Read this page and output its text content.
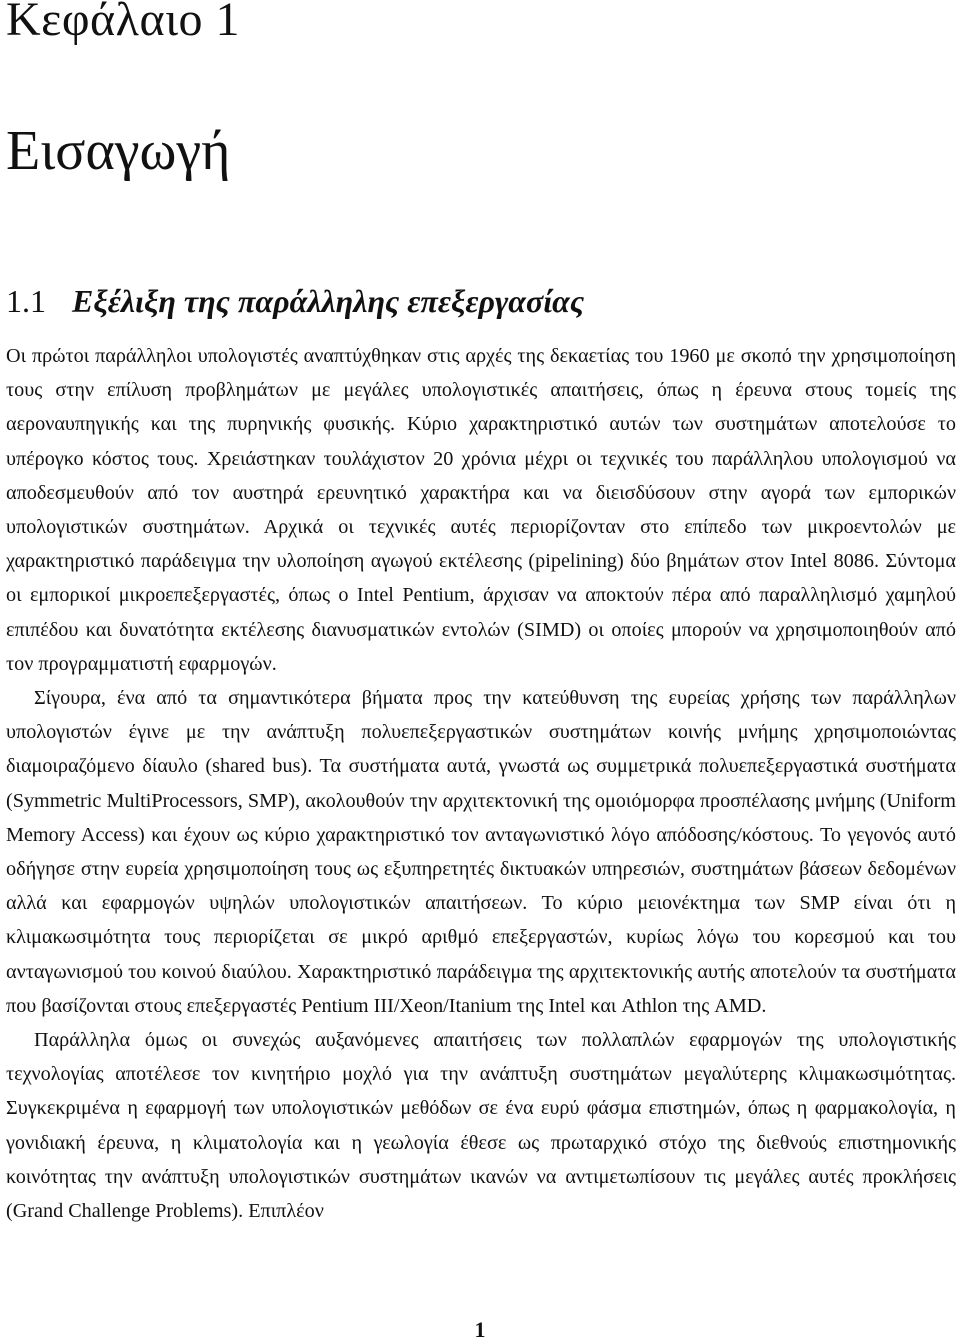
Κεφάλαιο 1
Εισαγωγή
1.1 Εξέλιξη της παράλληλης επεξεργασίας

Οι πρώτοι παράλληλοι υπολογιστές αναπτύχθηκαν στις αρχές της δεκαετίας του 1960 με σκοπό την χρησιμοποίηση τους στην επίλυση προβλημάτων με μεγάλες υπολογιστικές απαιτήσεις, όπως η έρευνα στους τομείς της αεροναυπηγικής και της πυρηνικής φυσικής. Κύριο χαρακτηριστικό αυτών των συστημάτων αποτελούσε το υπέρογκο κόστος τους. Χρειάστηκαν τουλάχιστον 20 χρόνια μέχρι οι τεχνικές του παράλληλου υπολογισμού να αποδεσμευθούν από τον αυστηρά ερευνητικό χαρακτήρα και να διεισδύσουν στην αγορά των εμπορικών υπολογιστικών συστημάτων. Αρχικά οι τεχνικές αυτές περιορίζονταν στο επίπεδο των μικροεντολών με χαρακτηριστικό παράδειγμα την υλοποίηση αγωγού εκτέλεσης (pipelining) δύο βημάτων στον Intel 8086. Σύντομα οι εμπορικοί μικροεπεξεργαστές, όπως ο Intel Pentium, άρχισαν να αποκτούν πέρα από παραλληλισμό χαμηλού επιπέδου και δυνατότητα εκτέλεσης διανυσματικών εντολών (SIMD) οι οποίες μπορούν να χρησιμοποιηθούν από τον προγραμματιστή εφαρμογών.

Σίγουρα, ένα από τα σημαντικότερα βήματα προς την κατεύθυνση της ευρείας χρήσης των παράλληλων υπολογιστών έγινε με την ανάπτυξη πολυεπεξεργαστικών συστημάτων κοινής μνήμης χρησιμοποιώντας διαμοιραζόμενο δίαυλο (shared bus). Τα συστήματα αυτά, γνωστά ως συμμετρικά πολυεπεξεργαστικά συστήματα (Symmetric MultiProcessors, SMP), ακολουθούν την αρχιτεκτονική της ομοιόμορφα προσπέλασης μνήμης (Uniform Memory Access) και έχουν ως κύριο χαρακτηριστικό τον ανταγωνιστικό λόγο απόδοσης/κόστους. Το γεγονός αυτό οδήγησε στην ευρεία χρησιμοποίηση τους ως εξυπηρετητές δικτυακών υπηρεσιών, συστημάτων βάσεων δεδομένων αλλά και εφαρμογών υψηλών υπολογιστικών απαιτήσεων. Το κύριο μειονέκτημα των SMP είναι ότι η κλιμακωσιμότητα τους περιορίζεται σε μικρό αριθμό επεξεργαστών, κυρίως λόγω του κορεσμού και του ανταγωνισμού του κοινού διαύλου. Χαρακτηριστικό παράδειγμα της αρχιτεκτονικής αυτής αποτελούν τα συστήματα που βασίζονται στους επεξεργαστές Pentium III/Xeon/Itanium της Intel και Athlon της AMD.

Παράλληλα όμως οι συνεχώς αυξανόμενες απαιτήσεις των πολλαπλών εφαρμογών της υπολογιστικής τεχνολογίας αποτέλεσε τον κινητήριο μοχλό για την ανάπτυξη συστημάτων μεγαλύτερης κλιμακωσιμότητας. Συγκεκριμένα η εφαρμογή των υπολογιστικών μεθόδων σε ένα ευρύ φάσμα επιστημών, όπως η φαρμακολογία, η γονιδιακή έρευνα, η κλιματολογία και η γεωλογία έθεσε ως πρωταρχικό στόχο της διεθνούς επιστημονικής κοινότητας την ανάπτυξη υπολογιστικών συστημάτων ικανών να αντιμετωπίσουν τις μεγάλες αυτές προκλήσεις (Grand Challenge Problems). Επιπλέον

1
